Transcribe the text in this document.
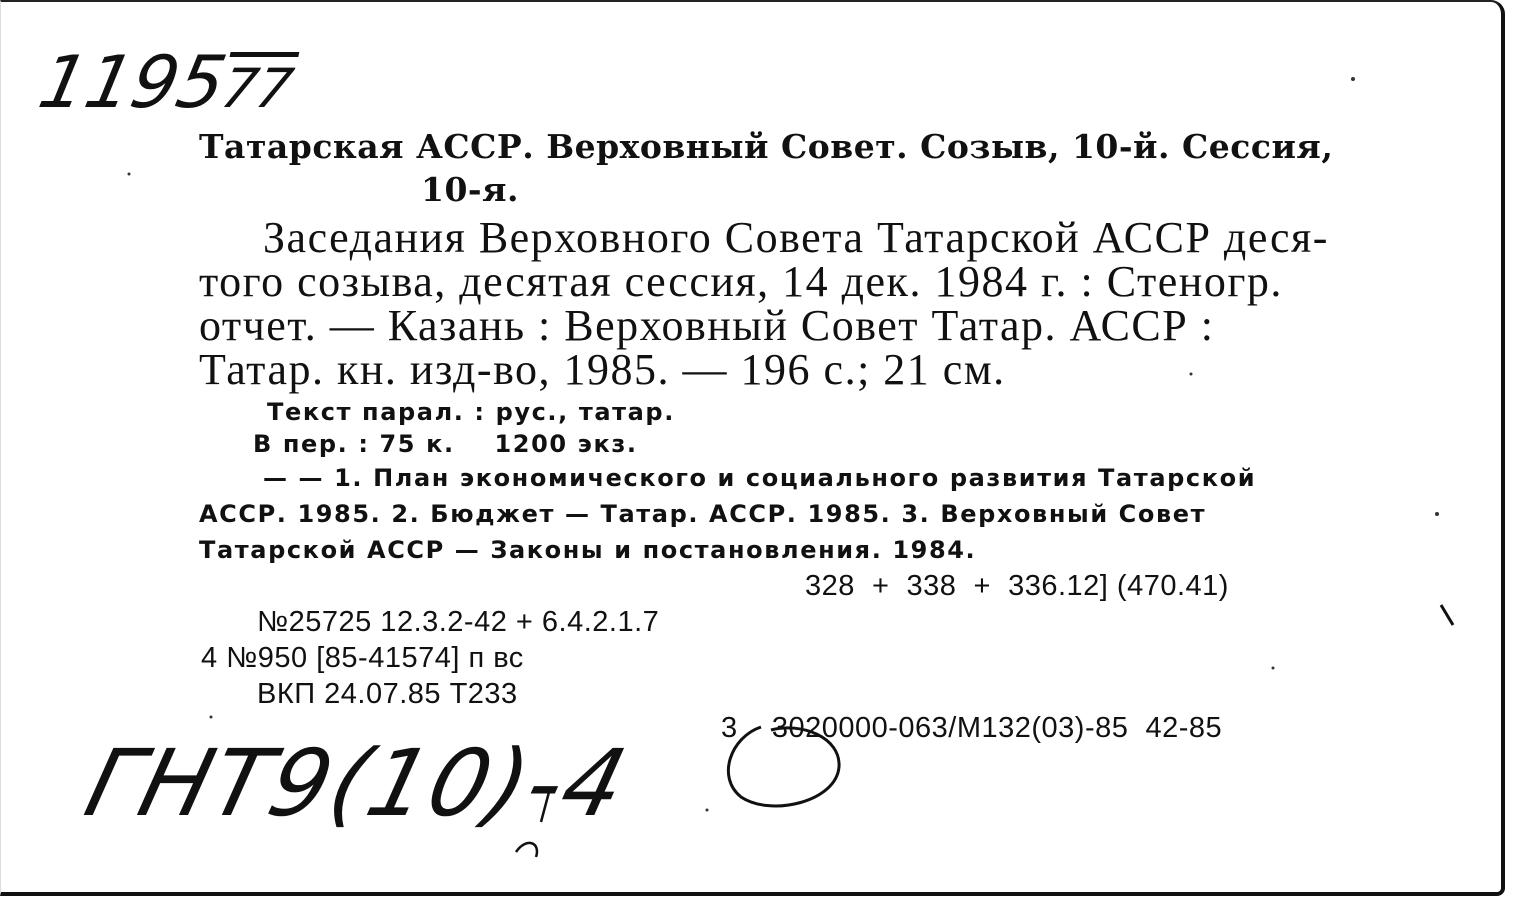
119577
Татарская АССР. Верховный Совет. Созыв, 10-й. Сессия,
10-я.
Заседания Верховного Совета Татарской АССР деся-
того созыва, десятая сессия, 14 дек. 1984 г. : Стеногр.
отчет. — Казань : Верховный Совет Татар. АССР :
Татар. кн. изд-во, 1985. — 196 с.; 21 см.
Текст парал. : рус., татар.
В пер. : 75 к.    1200 экз.
— — 1. План экономического и социального развития Татарской
АССР. 1985. 2. Бюджет — Татар. АССР. 1985. 3. Верховный Совет
Татарской АССР — Законы и постановления. 1984.
328  +  338  +  336.12] (470.41)
№25725 12.3.2-42 + 6.4.2.1.7
4 №950 [85-41574] п вс
ВКП 24.07.85 Т233
3    3020000-063/М132(03)-85  42-85
ГНТ9(10)-4
